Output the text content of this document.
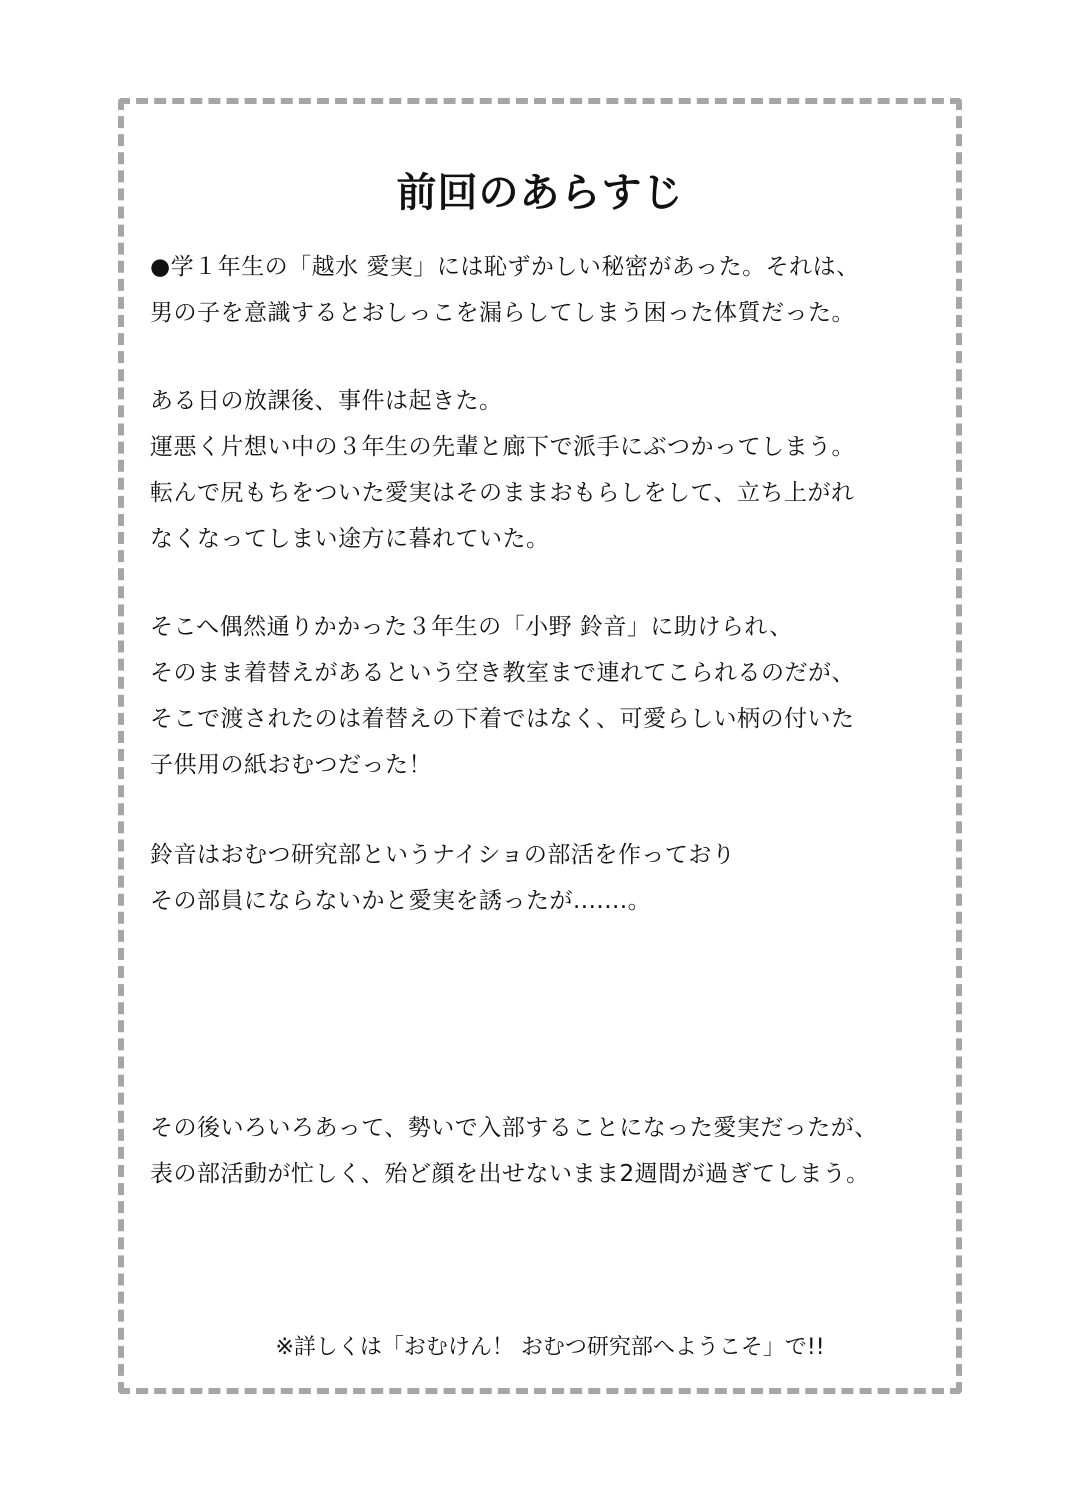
前回のあらすじ
●学１年生の「越水 愛実」には恥ずかしい秘密があった。それは、
男の子を意識するとおしっこを漏らしてしまう困った体質だった。
ある日の放課後、事件は起きた。
運悪く片想い中の３年生の先輩と廊下で派手にぶつかってしまう。
転んで尻もちをついた愛実はそのままおもらしをして、立ち上がれ
なくなってしまい途方に暮れていた。
そこへ偶然通りかかった３年生の「小野 鈴音」に助けられ、
そのまま着替えがあるという空き教室まで連れてこられるのだが、
そこで渡されたのは着替えの下着ではなく、可愛らしい柄の付いた
子供用の紙おむつだった！
鈴音はおむつ研究部というナイショの部活を作っており
その部員にならないかと愛実を誘ったが.......。
その後いろいろあって、勢いで入部することになった愛実だったが、
表の部活動が忙しく、殆ど顔を出せないまま2週間が過ぎてしまう。
※詳しくは「おむけん！ おむつ研究部へようこそ」で!!
